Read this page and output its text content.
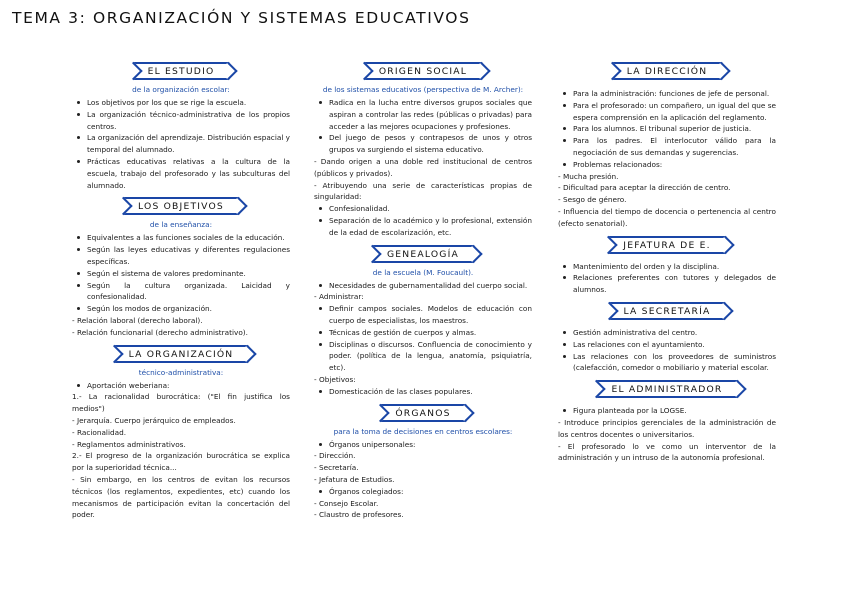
TEMA 3: ORGANIZACIÓN Y SISTEMAS EDUCATIVOS
EL ESTUDIO
de la organización escolar:
Los objetivos por los que se rige la escuela.
La organización técnico-administrativa de los propios centros.
La organización del aprendizaje. Distribución espacial y temporal del alumnado.
Prácticas educativas relativas a la cultura de la escuela, trabajo del profesorado y las subculturas del alumnado.
LOS OBJETIVOS
de la enseñanza:
Equivalentes a las funciones sociales de la educación.
Según las leyes educativas y diferentes regulaciones específicas.
Según el sistema de valores predominante.
Según la cultura organizada. Laicidad y confesionalidad.
Según los modos de organización.

- Relación laboral (derecho laboral).

- Relación funcionarial (derecho administrativo).

LA ORGANIZACIÓN
técnico-administrativa:
Aportación weberiana:

1.- La racionalidad burocrática: ("El fin justifica los medios")

- Jerarquía. Cuerpo jerárquico de empleados.

- Racionalidad.

- Reglamentos administrativos.

2.- El progreso de la organización burocrática se explica por la superioridad técnica...

- Sin embargo, en los centros de evitan los recursos técnicos (los reglamentos, expedientes, etc) cuando los mecanismos de participación evitan la concertación del poder.

ORIGEN SOCIAL
de los sistemas educativos (perspectiva de M. Archer):
Radica en la lucha entre diversos grupos sociales que aspiran a controlar las redes (públicas o privadas) para acceder a las mejores ocupaciones y profesiones.
Del juego de pesos y contrapesos de unos y otros grupos va surgiendo el sistema educativo.

- Dando origen a una doble red institucional de centros (públicos y privados).

- Atribuyendo una serie de características propias de singularidad:

Confesionalidad.
Separación de lo académico y lo profesional, extensión de la edad de escolarización, etc.
GENEALOGÍA
de la escuela (M. Foucault).
Necesidades de gubernamentalidad del cuerpo social.

- Administrar:

Definir campos sociales. Modelos de educación con cuerpo de especialistas, los maestros.
Técnicas de gestión de cuerpos y almas.
Disciplinas o discursos. Confluencia de conocimiento y poder. (política de la lengua, anatomía, psiquiatría, etc).

- Objetivos:

Domesticación de las clases populares.
ÓRGANOS
para la toma de decisiones en centros escolares:
Órganos unipersonales:

- Dirección.

- Secretaría.

- Jefatura de Estudios.

Órganos colegiados:

- Consejo Escolar.

- Claustro de profesores.

LA DIRECCIÓN
Para la administración: funciones de jefe de personal.
Para el profesorado: un compañero, un igual del que se espera comprensión en la aplicación del reglamento.
Para los alumnos. El tribunal superior de justicia.
Para los padres. El interlocutor válido para la negociación de sus demandas y sugerencias.
Problemas relacionados:

- Mucha presión.

- Dificultad para aceptar la dirección de centro.

- Sesgo de género.

- Influencia del tiempo de docencia o pertenencia al centro (efecto senatorial).

JEFATURA DE E.
Mantenimiento del orden y la disciplina.
Relaciones preferentes con tutores y delegados de alumnos.
LA SECRETARÍA
Gestión administrativa del centro.
Las relaciones con el ayuntamiento.
Las relaciones con los proveedores de suministros (calefacción, comedor o mobiliario y material escolar.
EL ADMINISTRADOR
Figura planteada por la LOGSE.

- Introduce principios gerenciales de la administración de los centros docentes o universitarios.

- El profesorado lo ve como un interventor de la administración y un intruso de la autonomía profesional.
